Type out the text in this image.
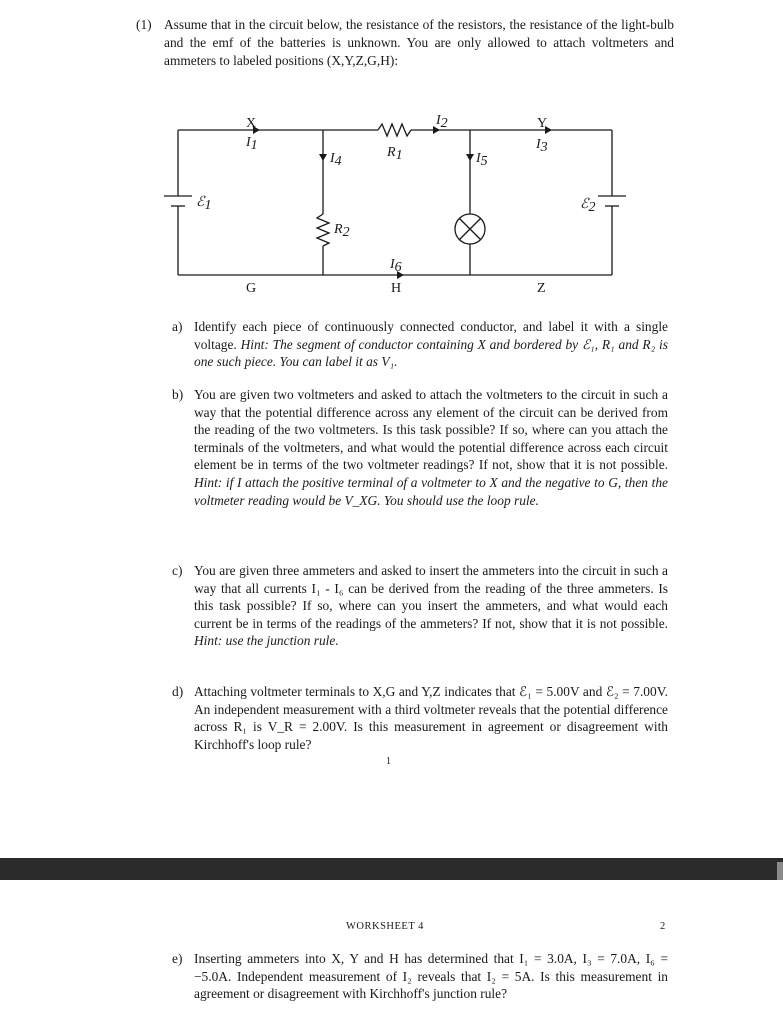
(1) Assume that in the circuit below, the resistance of the resistors, the resistance of the light-bulb and the emf of the batteries is unknown. You are only allowed to attach voltmeters and ammeters to labeled positions (X,Y,Z,G,H):
X	Y
G	H	Z
I1
I2
I3
I4	I5
I6
R1
R2
ℰ1	ℰ2
a) Identify each piece of continuously connected conductor, and label it with a single voltage. Hint: The segment of conductor containing X and bordered by ℰ₁, R₁ and R₂ is one such piece. You can label it as V₁.
b) You are given two voltmeters and asked to attach the voltmeters to the circuit in such a way that the potential difference across any element of the circuit can be derived from the reading of the two voltmeters. Is this task possible? If so, where can you attach the terminals of the voltmeters, and what would the potential difference across each circuit element be in terms of the two voltmeter readings? If not, show that it is not possible. Hint: if I attach the positive terminal of a voltmeter to X and the negative to G, then the voltmeter reading would be V_XG. You should use the loop rule.
c) You are given three ammeters and asked to insert the ammeters into the circuit in such a way that all currents I₁ - I₆ can be derived from the reading of the three ammeters. Is this task possible? If so, where can you insert the ammeters, and what would each current be in terms of the readings of the ammeters? If not, show that it is not possible. Hint: use the junction rule.
d) Attaching voltmeter terminals to X,G and Y,Z indicates that ℰ₁ = 5.00V and ℰ₂ = 7.00V. An independent measurement with a third voltmeter reveals that the potential difference across R₁ is V_R = 2.00V. Is this measurement in agreement or disagreement with Kirchhoff's loop rule?
1
WORKSHEET 4	2
e) Inserting ammeters into X, Y and H has determined that I₁ = 3.0A, I₃ = 7.0A, I₆ = −5.0A. Independent measurement of I₂ reveals that I₂ = 5A. Is this measurement in agreement or disagreement with Kirchhoff's junction rule?
